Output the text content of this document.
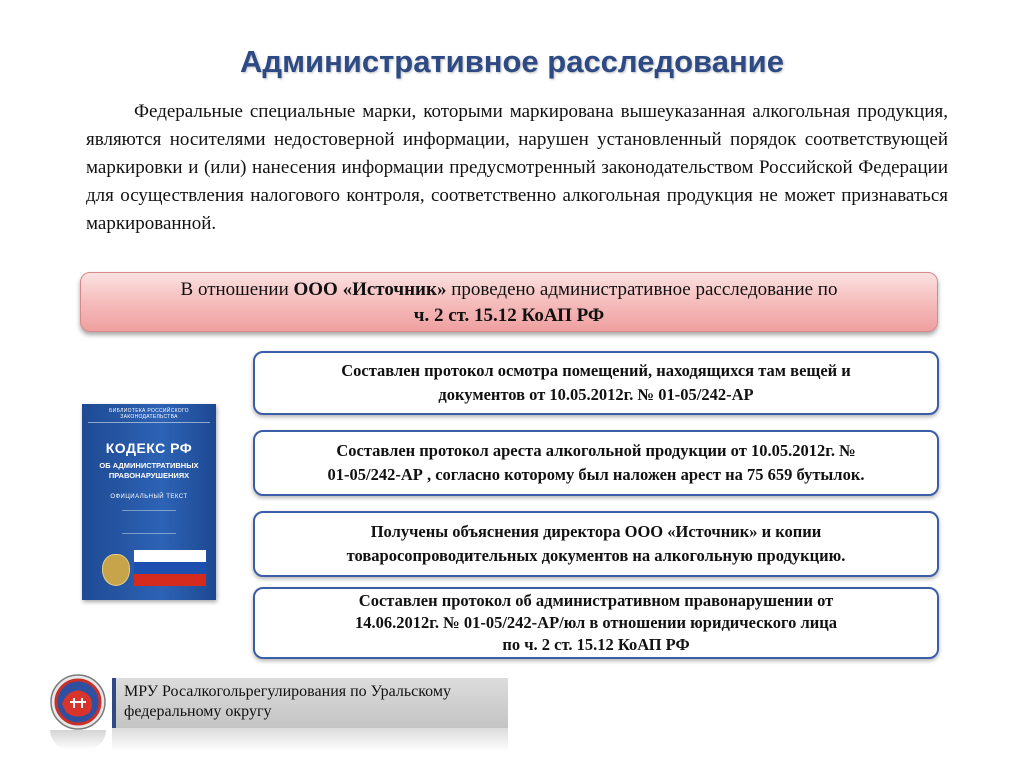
Административное расследование
Федеральные специальные марки, которыми маркирована вышеуказанная алкогольная продукция, являются носителями недостоверной информации, нарушен установленный порядок соответствующей маркировки и (или) нанесения информации предусмотренный законодательством Российской Федерации для осуществления налогового контроля, соответственно алкогольная продукция не может признаваться маркированной.
В отношении ООО «Источник» проведено административное расследование по
ч. 2 ст. 15.12 КоАП РФ
БИБЛИОТЕКА РОССИЙСКОГО ЗАКОНОДАТЕЛЬСТВА
КОДЕКС РФ
ОБ АДМИНИСТРАТИВНЫХ
ПРАВОНАРУШЕНИЯХ
ОФИЦИАЛЬНЫЙ ТЕКСТ
Составлен протокол осмотра помещений, находящихся там вещей и
документов от 10.05.2012г. № 01-05/242-АР
Составлен протокол ареста алкогольной продукции от 10.05.2012г. №
01-05/242-АР , согласно которому был наложен арест на 75 659 бутылок.
Получены объяснения директора ООО «Источник» и копии
товаросопроводительных документов на алкогольную продукцию.
Составлен протокол об административном правонарушении от
14.06.2012г. № 01-05/242-АР/юл в отношении юридического лица
по ч. 2 ст. 15.12 КоАП РФ
МРУ Росалкогольрегулирования по Уральскому
федеральному округу
